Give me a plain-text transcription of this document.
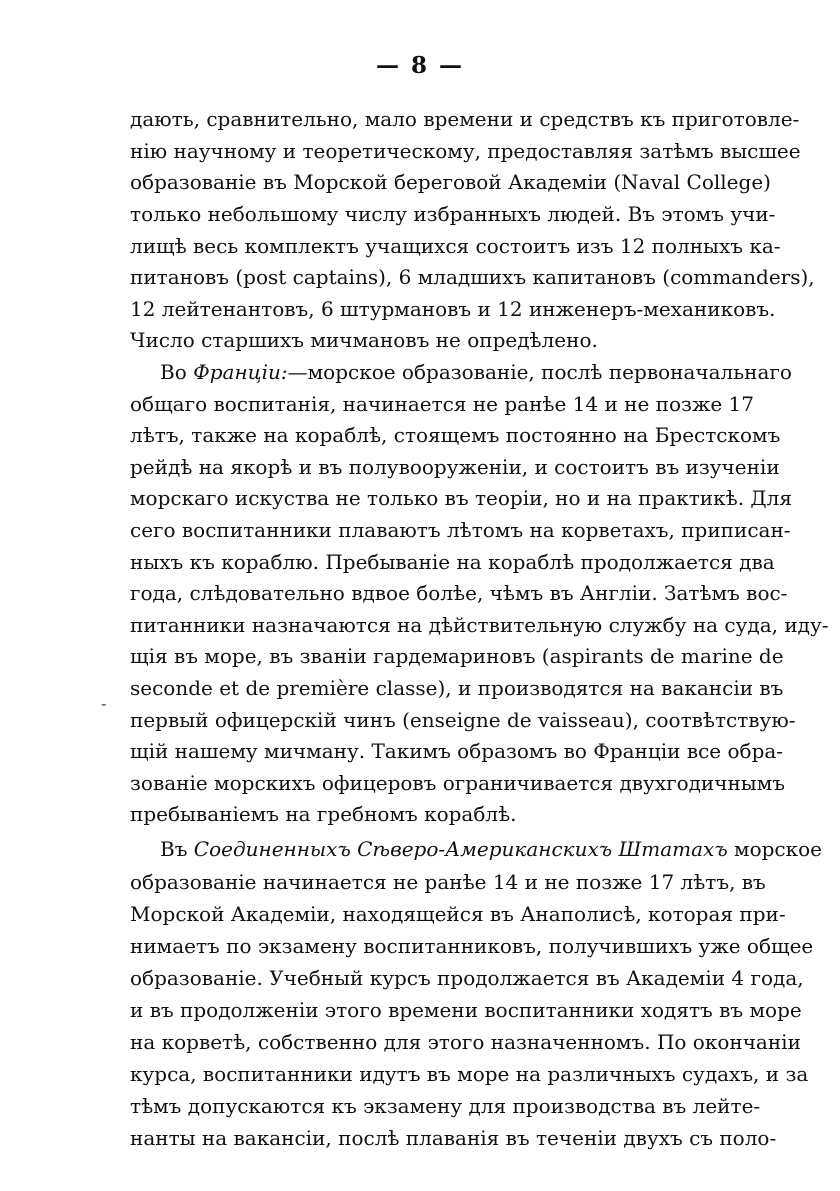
— 8 —
-
дають, сравнительно, мало времени и средствъ къ приготовле-
нію научному и теоретическому, предоставляя затѣмъ высшее
образованіе въ Морской береговой Академіи (Naval College)
только небольшому числу избранныхъ людей. Въ этомъ учи-
лищѣ весь комплектъ учащихся состоитъ изъ 12 полныхъ ка-
питановъ (post captains), 6 младшихъ капитановъ (commanders),
12 лейтенантовъ, 6 штурмановъ и 12 инженеръ-механиковъ.
Число старшихъ мичмановъ не опредѣлено.
Во Франціи:—морское образованіе, послѣ первоначальнаго
общаго воспитанія, начинается не ранѣе 14 и не позже 17
лѣтъ, также на кораблѣ, стоящемъ постоянно на Брестскомъ
рейдѣ на якорѣ и въ полувооруженіи, и состоитъ въ изученіи
морскаго искуства не только въ теоріи, но и на практикѣ. Для
сего воспитанники плаваютъ лѣтомъ на корветахъ, приписан-
ныхъ къ кораблю. Пребываніе на кораблѣ продолжается два
года, слѣдовательно вдвое болѣе, чѣмъ въ Англіи. Затѣмъ вос-
питанники назначаются на дѣйствительную службу на суда, иду-
щія въ море, въ званіи гардемариновъ (aspirants de marine de
seconde et de première classe), и производятся на вакансіи въ
первый офицерскій чинъ (enseigne de vaisseau), соотвѣтствую-
щій нашему мичману. Такимъ образомъ во Франціи все обра-
зованіе морскихъ офицеровъ ограничивается двухгодичнымъ
пребываніемъ на гребномъ кораблѣ.
Въ Соединенныхъ Сѣверо-Американскихъ Штатахъ морское
образованіе начинается не ранѣе 14 и не позже 17 лѣтъ, въ
Морской Академіи, находящейся въ Анаполисѣ, которая при-
нимаетъ по экзамену воспитанниковъ, получившихъ уже общее
образованіе. Учебный курсъ продолжается въ Академіи 4 года,
и въ продолженіи этого времени воспитанники ходятъ въ море
на корветѣ, собственно для этого назначенномъ. По окончаніи
курса, воспитанники идутъ въ море на различныхъ судахъ, и за
тѣмъ допускаются къ экзамену для производства въ лейте-
нанты на вакансіи, послѣ плаванія въ теченіи двухъ съ поло-
